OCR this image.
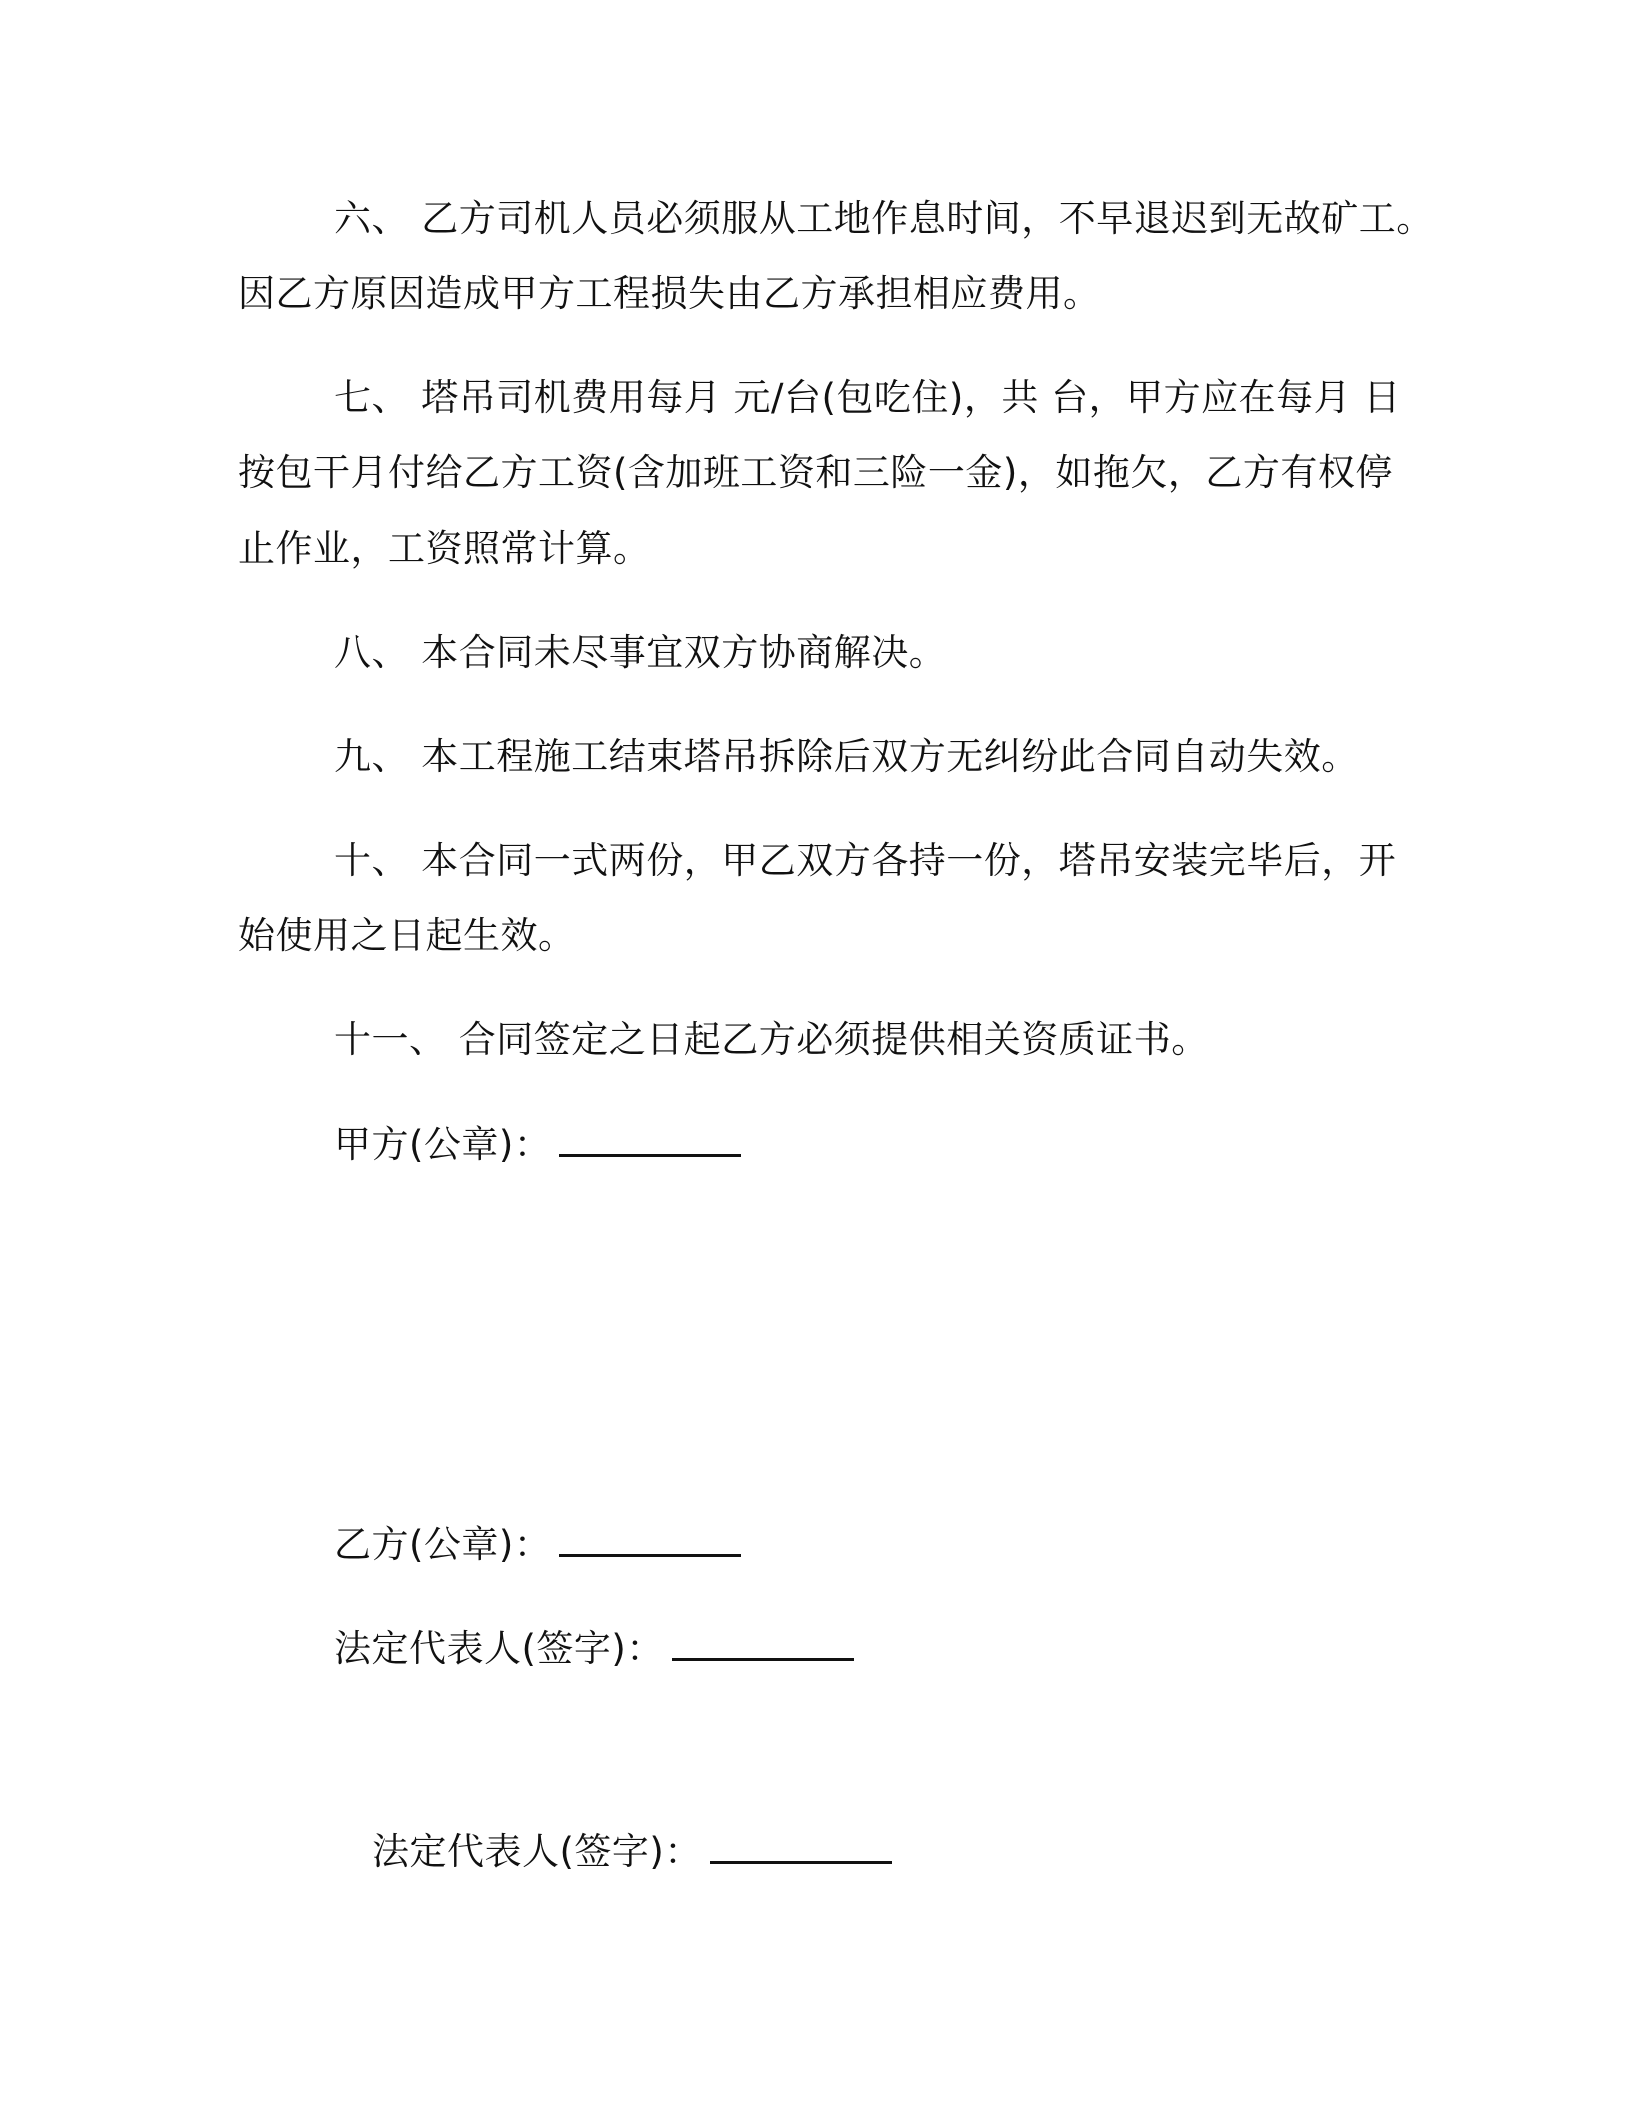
六、 乙方司机人员必须服从工地作息时间，不早退迟到无故矿工。
因乙方原因造成甲方工程损失由乙方承担相应费用。
七、 塔吊司机费用每月 元/台(包吃住)，共 台，甲方应在每月 日
按包干月付给乙方工资(含加班工资和三险一金)，如拖欠，乙方有权停
止作业，工资照常计算。
八、 本合同未尽事宜双方协商解决。
九、 本工程施工结束塔吊拆除后双方无纠纷此合同自动失效。
十、 本合同一式两份，甲乙双方各持一份，塔吊安装完毕后，开
始使用之日起生效。
十一、 合同签定之日起乙方必须提供相关资质证书。
甲方(公章)：
乙方(公章)：
法定代表人(签字)：
法定代表人(签字)：
